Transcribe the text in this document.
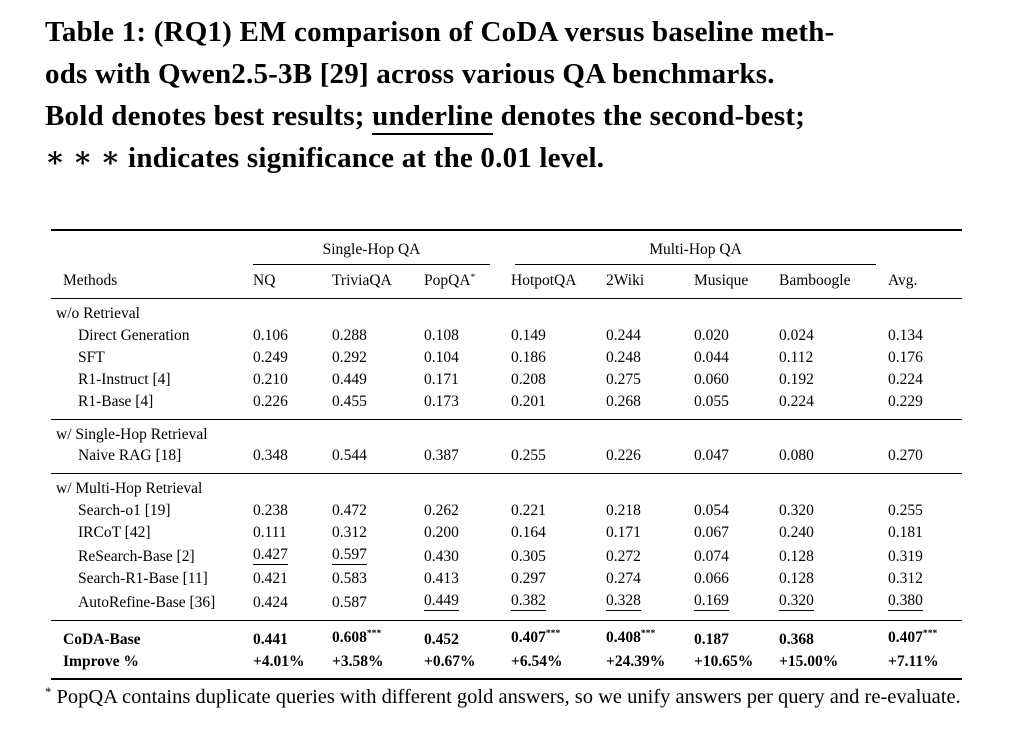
Table 1: (RQ1) EM comparison of CoDA versus baseline meth-
ods with Qwen2.5-3B [29] across various QA benchmarks.
Bold denotes best results; underline denotes the second-best;
∗ ∗ ∗ indicates significance at the 0.01 level.

	Single-Hop QA			Multi-Hop QA				

Methods	NQ	TriviaQA	PopQA*	HotpotQA	2Wiki	Musique	Bamboogle	Avg.
w/o Retrieval								
Direct Generation	0.106	0.288	0.108	0.149	0.244	0.020	0.024	0.134
SFT	0.249	0.292	0.104	0.186	0.248	0.044	0.112	0.176
R1-Instruct [4]	0.210	0.449	0.171	0.208	0.275	0.060	0.192	0.224
R1-Base [4]	0.226	0.455	0.173	0.201	0.268	0.055	0.224	0.229
w/ Single-Hop Retrieval								
Naive RAG [18]	0.348	0.544	0.387	0.255	0.226	0.047	0.080	0.270
w/ Multi-Hop Retrieval								
Search-o1 [19]	0.238	0.472	0.262	0.221	0.218	0.054	0.320	0.255
IRCoT [42]	0.111	0.312	0.200	0.164	0.171	0.067	0.240	0.181
ReSearch-Base [2]	0.427	0.597	0.430	0.305	0.272	0.074	0.128	0.319
Search-R1-Base [11]	0.421	0.583	0.413	0.297	0.274	0.066	0.128	0.312
AutoRefine-Base [36]	0.424	0.587	0.449	0.382	0.328	0.169	0.320	0.380
CoDA-Base	0.441	0.608***	0.452	0.407***	0.408***	0.187	0.368	0.407***
Improve %	+4.01%	+3.58%	+0.67%	+6.54%	+24.39%	+10.65%	+15.00%	+7.11%
* PopQA contains duplicate queries with different gold answers, so we unify answers per query and re-evaluate.
